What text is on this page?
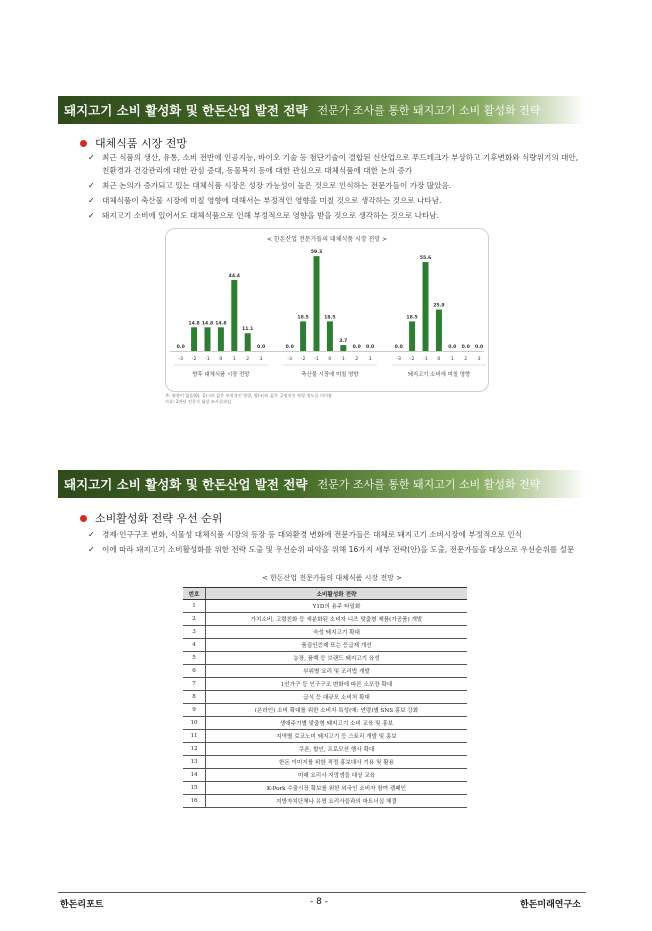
돼지고기 소비 활성화 및 한돈산업 발전 전략 전문가 조사를 통한 돼지고기 소비 활성화 전략
대체식품 시장 전망
✓ 최근 식품의 생산, 유통, 소비 전반에 인공지능, 바이오 기술 등 첨단기술이 결합된 신산업으로 푸드테크가 부상하고 기후변화와 식량위기의 대안, 친환경과 건강관리에 대한 관심 증대, 동물복지 등에 대한 관심으로 대체식품에 대한 논의 증가
✓ 최근 논의가 증가되고 있는 대체식품 시장은 성장 가능성이 높은 것으로 인식하는 전문가들이 가장 많았음.
✓ 대체식품이 축산물 시장에 미칠 영향에 대해서는 부정적인 영향을 미칠 것으로 생각하는 것으로 나타남.
✓ 돼지고기 소비에 있어서도 대체식품으로 인해 부정적으로 영향을 받을 것으로 생각하는 것으로 나타남.
< 한돈산업 전문가들의 대체식품 시장 전망 >
0.0
-3
14.8
-2
14.8
-1
14.8
0
44.4
1
11.1
2
0.0
3
향후 대체식품 시장 전망
0.0
-3
18.5
-2
59.3
-1
18.5
0
3.7
1
0.0
2
0.0
3
축산물 시장에 미칠 영향
0.0
-3
18.5
-2
55.6
-1
25.9
0
0.0
1
0.0
2
0.0
3
돼지고기 소비에 미칠 영향
주: 영향이 없음(0), 음(-)의 값은 부정적인 영향, 양(+)의 값은 긍정적인 영향 정도를 의미함
자료: 2차년 전문가 대상 조사결과임
돼지고기 소비 활성화 및 한돈산업 발전 전략 전문가 조사를 통한 돼지고기 소비 활성화 전략
소비활성화 전략 우선 순위
✓ 경제·인구구조 변화, 식물성 대체식품 시장의 등장 등 대외환경 변화에 전문가들은 대체로 돼지고기 소비시장에 부정적으로 인식
✓ 이에 따라 돼지고기 소비활성화를 위한 전략 도출 및 우선순위 파악을 위해 16가지 세부 전략(안)을 도출, 전문가들을 대상으로 우선순위를 설문
< 한돈산업 전문가들의 대체식품 시장 전망 >
번호	소비활성화 전략
1	Y1D의 용주 타일화
2	가치소비, 고령친화 등 세분화된 소비자 니즈 맞춤형 제품(가공품) 개발
3	숙성 돼지고기 확대
4	품질인증제 또는 등급제 개선
5	농장, 품백 등 브랜드 돼지고기 육성
6	부위별 요리 및 조리법 개발
7	1인가구 등 인구구조 변화에 따른 소포장 확대
8	급식 등 대규모 소비처 확대
9	(온라인) 소비 확대를 위한 소비자 특성(예: 연령)별 SNS 홍보 강화
10	생애주기별 맞춤형 돼지고기 소비 교육 및 홍보
11	지역별 로코노미 돼지고기 등 스토리 개발 및 홍보
12	쿠폰, 할인, 프로모션 행사 확대
13	한돈 이미지를 위한 적정 홍보대사 기용 및 활용
14	미래 요리사 지망생들 대상 교육
15	K-Pork 수출시장 확보를 위한 외국인 소비자 참여 캠페인
16	지방자치단체나 유명 요리사들과의 파트너십 체결
한돈리포트	- 8 -	한돈미래연구소
